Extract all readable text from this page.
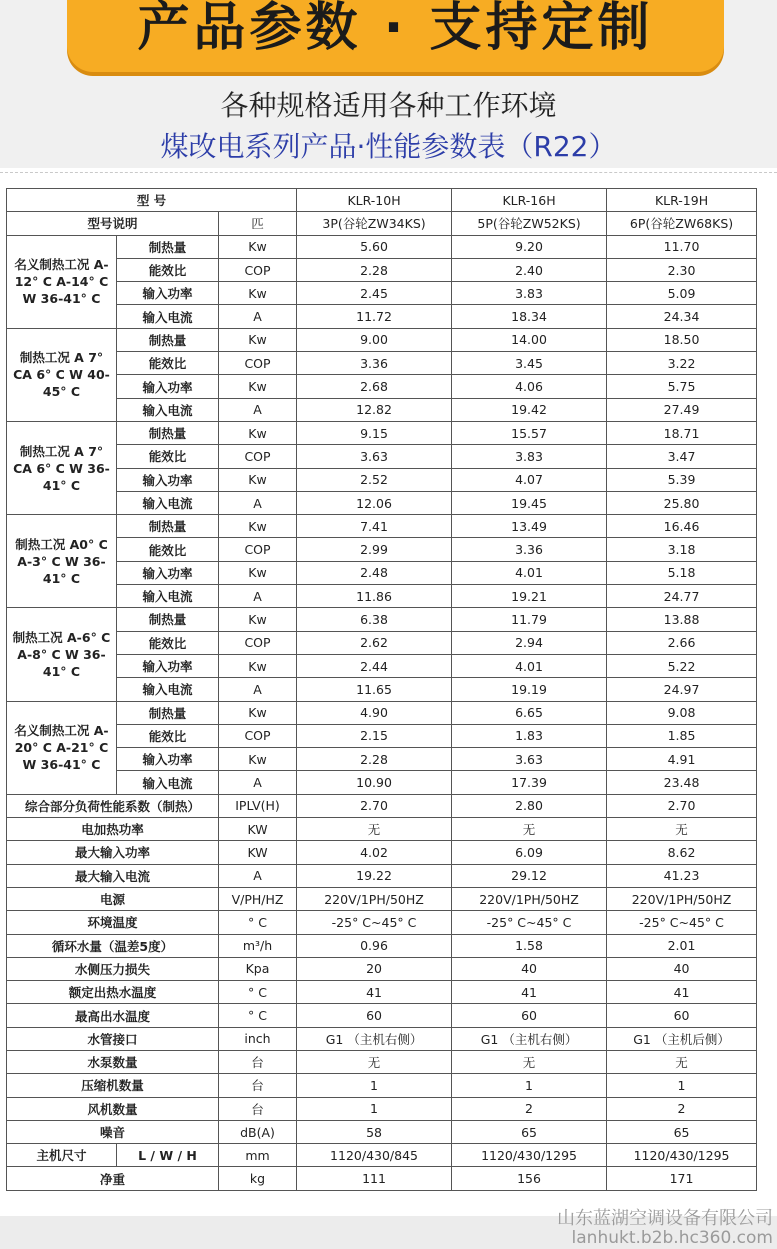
产品参数 · 支持定制
各种规格适用各种工作环境
煤改电系列产品·性能参数表（R22）
型 号			KLR-10H	KLR-16H	KLR-19H
型号说明		匹	3P(谷轮ZW34KS)	5P(谷轮ZW52KS)	6P(谷轮ZW68KS)
名义制热工况 A-12° C A-14° C W 36-41° C	制热量	Kw	5.60	9.20	11.70
	能效比	COP	2.28	2.40	2.30
	输入功率	Kw	2.45	3.83	5.09
	输入电流	A	11.72	18.34	24.34
制热工况 A 7° CA 6° C W 40-45° C	制热量	Kw	9.00	14.00	18.50
	能效比	COP	3.36	3.45	3.22
	输入功率	Kw	2.68	4.06	5.75
	输入电流	A	12.82	19.42	27.49
制热工况 A 7° CA 6° C W 36-41° C	制热量	Kw	9.15	15.57	18.71
	能效比	COP	3.63	3.83	3.47
	输入功率	Kw	2.52	4.07	5.39
	输入电流	A	12.06	19.45	25.80
制热工况 A0° C A-3° C W 36-41° C	制热量	Kw	7.41	13.49	16.46
	能效比	COP	2.99	3.36	3.18
	输入功率	Kw	2.48	4.01	5.18
	输入电流	A	11.86	19.21	24.77
制热工况 A-6° C A-8° C W 36-41° C	制热量	Kw	6.38	11.79	13.88
	能效比	COP	2.62	2.94	2.66
	输入功率	Kw	2.44	4.01	5.22
	输入电流	A	11.65	19.19	24.97
名义制热工况 A-20° C A-21° C W 36-41° C	制热量	Kw	4.90	6.65	9.08
	能效比	COP	2.15	1.83	1.85
	输入功率	Kw	2.28	3.63	4.91
	输入电流	A	10.90	17.39	23.48
综合部分负荷性能系数（制热）		IPLV(H)	2.70	2.80	2.70
电加热功率		KW	无	无	无
最大输入功率		KW	4.02	6.09	8.62
最大输入电流		A	19.22	29.12	41.23
电源		V/PH/HZ	220V/1PH/50HZ	220V/1PH/50HZ	220V/1PH/50HZ
环境温度		° C	-25° C~45° C	-25° C~45° C	-25° C~45° C
循环水量（温差5度）		m³/h	0.96	1.58	2.01
水侧压力损失		Kpa	20	40	40
额定出热水温度		° C	41	41	41
最高出水温度		° C	60	60	60
水管接口		inch	G1 （主机右侧）	G1 （主机右侧）	G1 （主机后侧）
水泵数量		台	无	无	无
压缩机数量		台	1	1	1
风机数量		台	1	2	2
噪音		dB(A)	58	65	65
主机尺寸	L / W / H	mm	1120/430/845	1120/430/1295	1120/430/1295
净重		kg	111	156	171
山东蓝湖空调设备有限公司
lanhukt.b2b.hc360.com
